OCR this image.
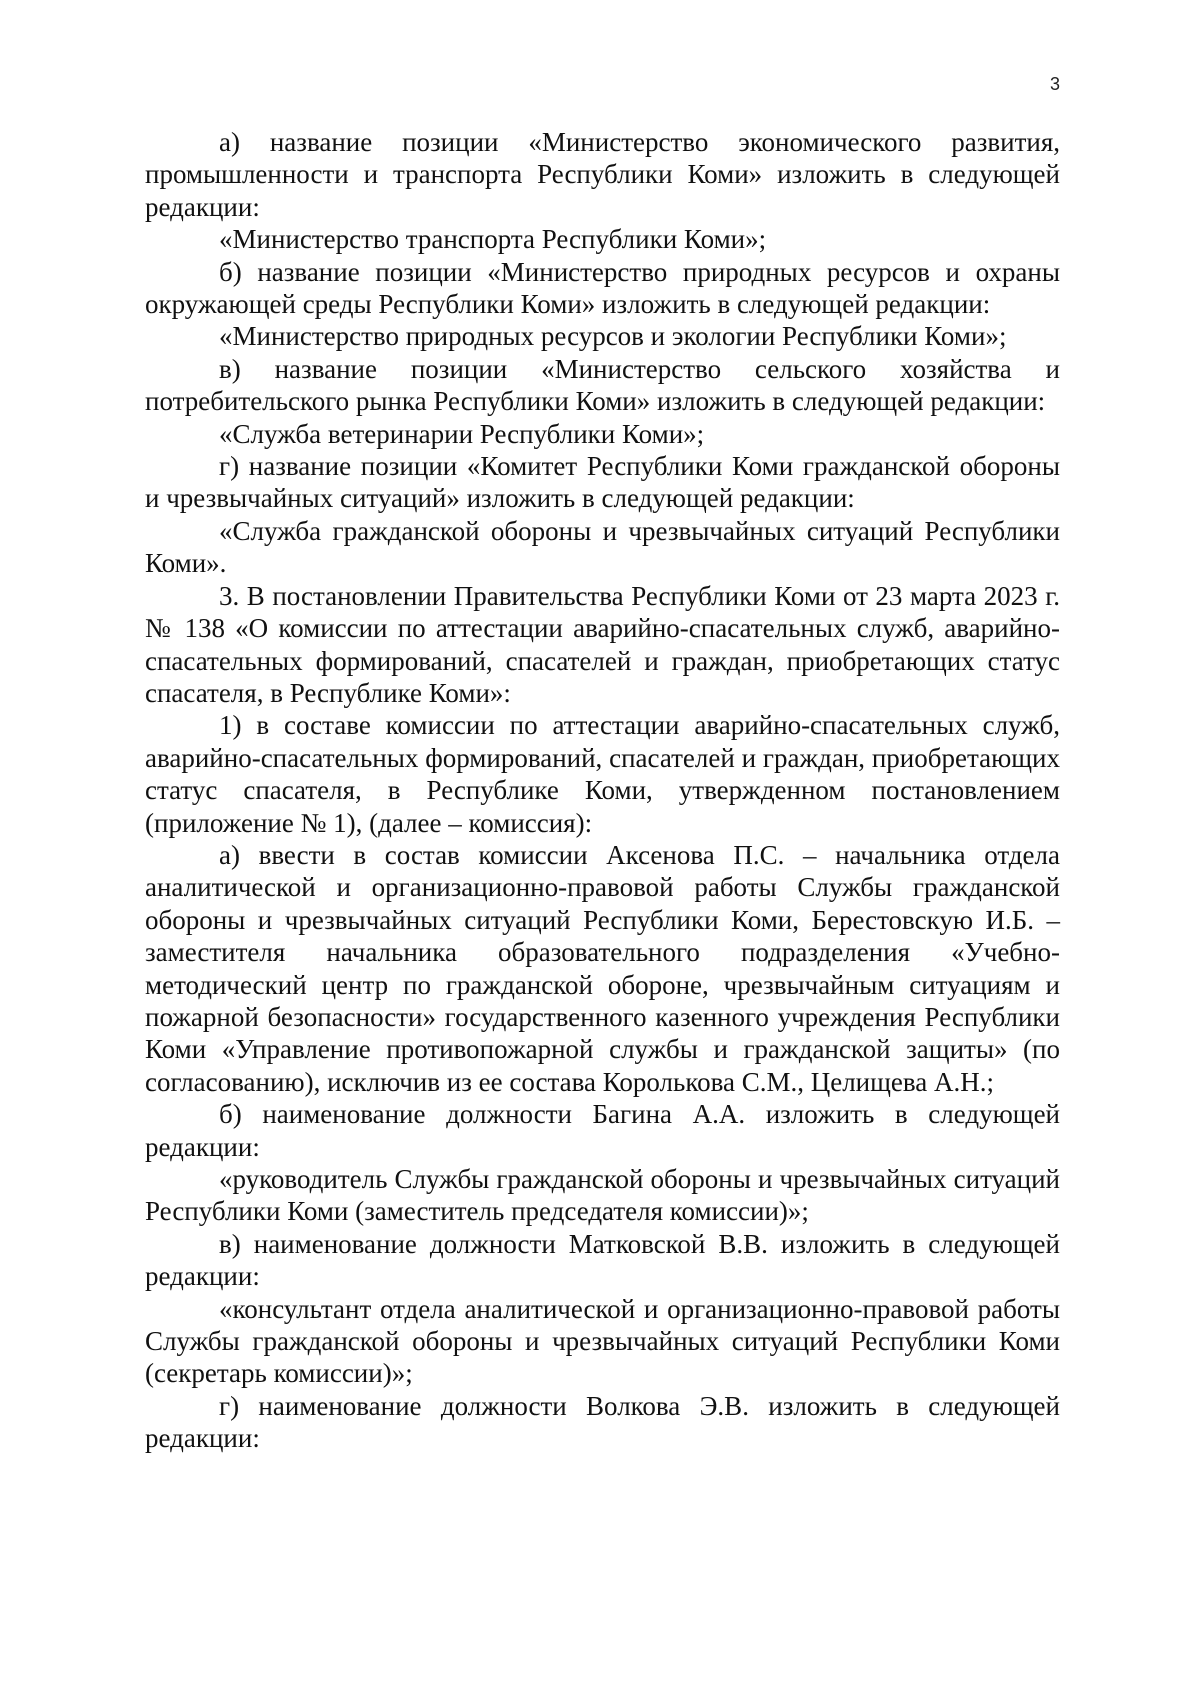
3

а) название позиции «Министерство экономического развития, промышленности и транспорта Республики Коми» изложить в следующей редакции:

«Министерство транспорта Республики Коми»;

б) название позиции «Министерство природных ресурсов и охраны окружающей среды Республики Коми» изложить в следующей редакции:

«Министерство природных ресурсов и экологии Республики Коми»;

в) название позиции «Министерство сельского хозяйства и потребительского рынка Республики Коми» изложить в следующей редакции:

«Служба ветеринарии Республики Коми»;

г) название позиции «Комитет Республики Коми гражданской обороны и чрезвычайных ситуаций» изложить в следующей редакции:

«Служба гражданской обороны и чрезвычайных ситуаций Республики Коми».

3. В постановлении Правительства Республики Коми от 23 марта 2023 г. № 138 «О комиссии по аттестации аварийно-спасательных служб, аварийно-спасательных формирований, спасателей и граждан, приобретающих статус спасателя, в Республике Коми»:

1) в составе комиссии по аттестации аварийно-спасательных служб, аварийно-спасательных формирований, спасателей и граждан, приобретающих статус спасателя, в Республике Коми, утвержденном постановлением (приложение № 1), (далее – комиссия):

а) ввести в состав комиссии Аксенова П.С. – начальника отдела аналитической и организационно-правовой работы Службы гражданской обороны и чрезвычайных ситуаций Республики Коми, Берестовскую И.Б. – заместителя начальника образовательного подразделения «Учебно-методический центр по гражданской обороне, чрезвычайным ситуациям и пожарной безопасности» государственного казенного учреждения Республики Коми «Управление противопожарной службы и гражданской защиты» (по согласованию), исключив из ее состава Королькова С.М., Целищева А.Н.;

б) наименование должности Багина А.А. изложить в следующей редакции:

«руководитель Службы гражданской обороны и чрезвычайных ситуаций Республики Коми (заместитель председателя комиссии)»;

в) наименование должности Матковской В.В. изложить в следующей редакции:

«консультант отдела аналитической и организационно-правовой работы Службы гражданской обороны и чрезвычайных ситуаций Республики Коми (секретарь комиссии)»;

г) наименование должности Волкова Э.В. изложить в следующей редакции:
